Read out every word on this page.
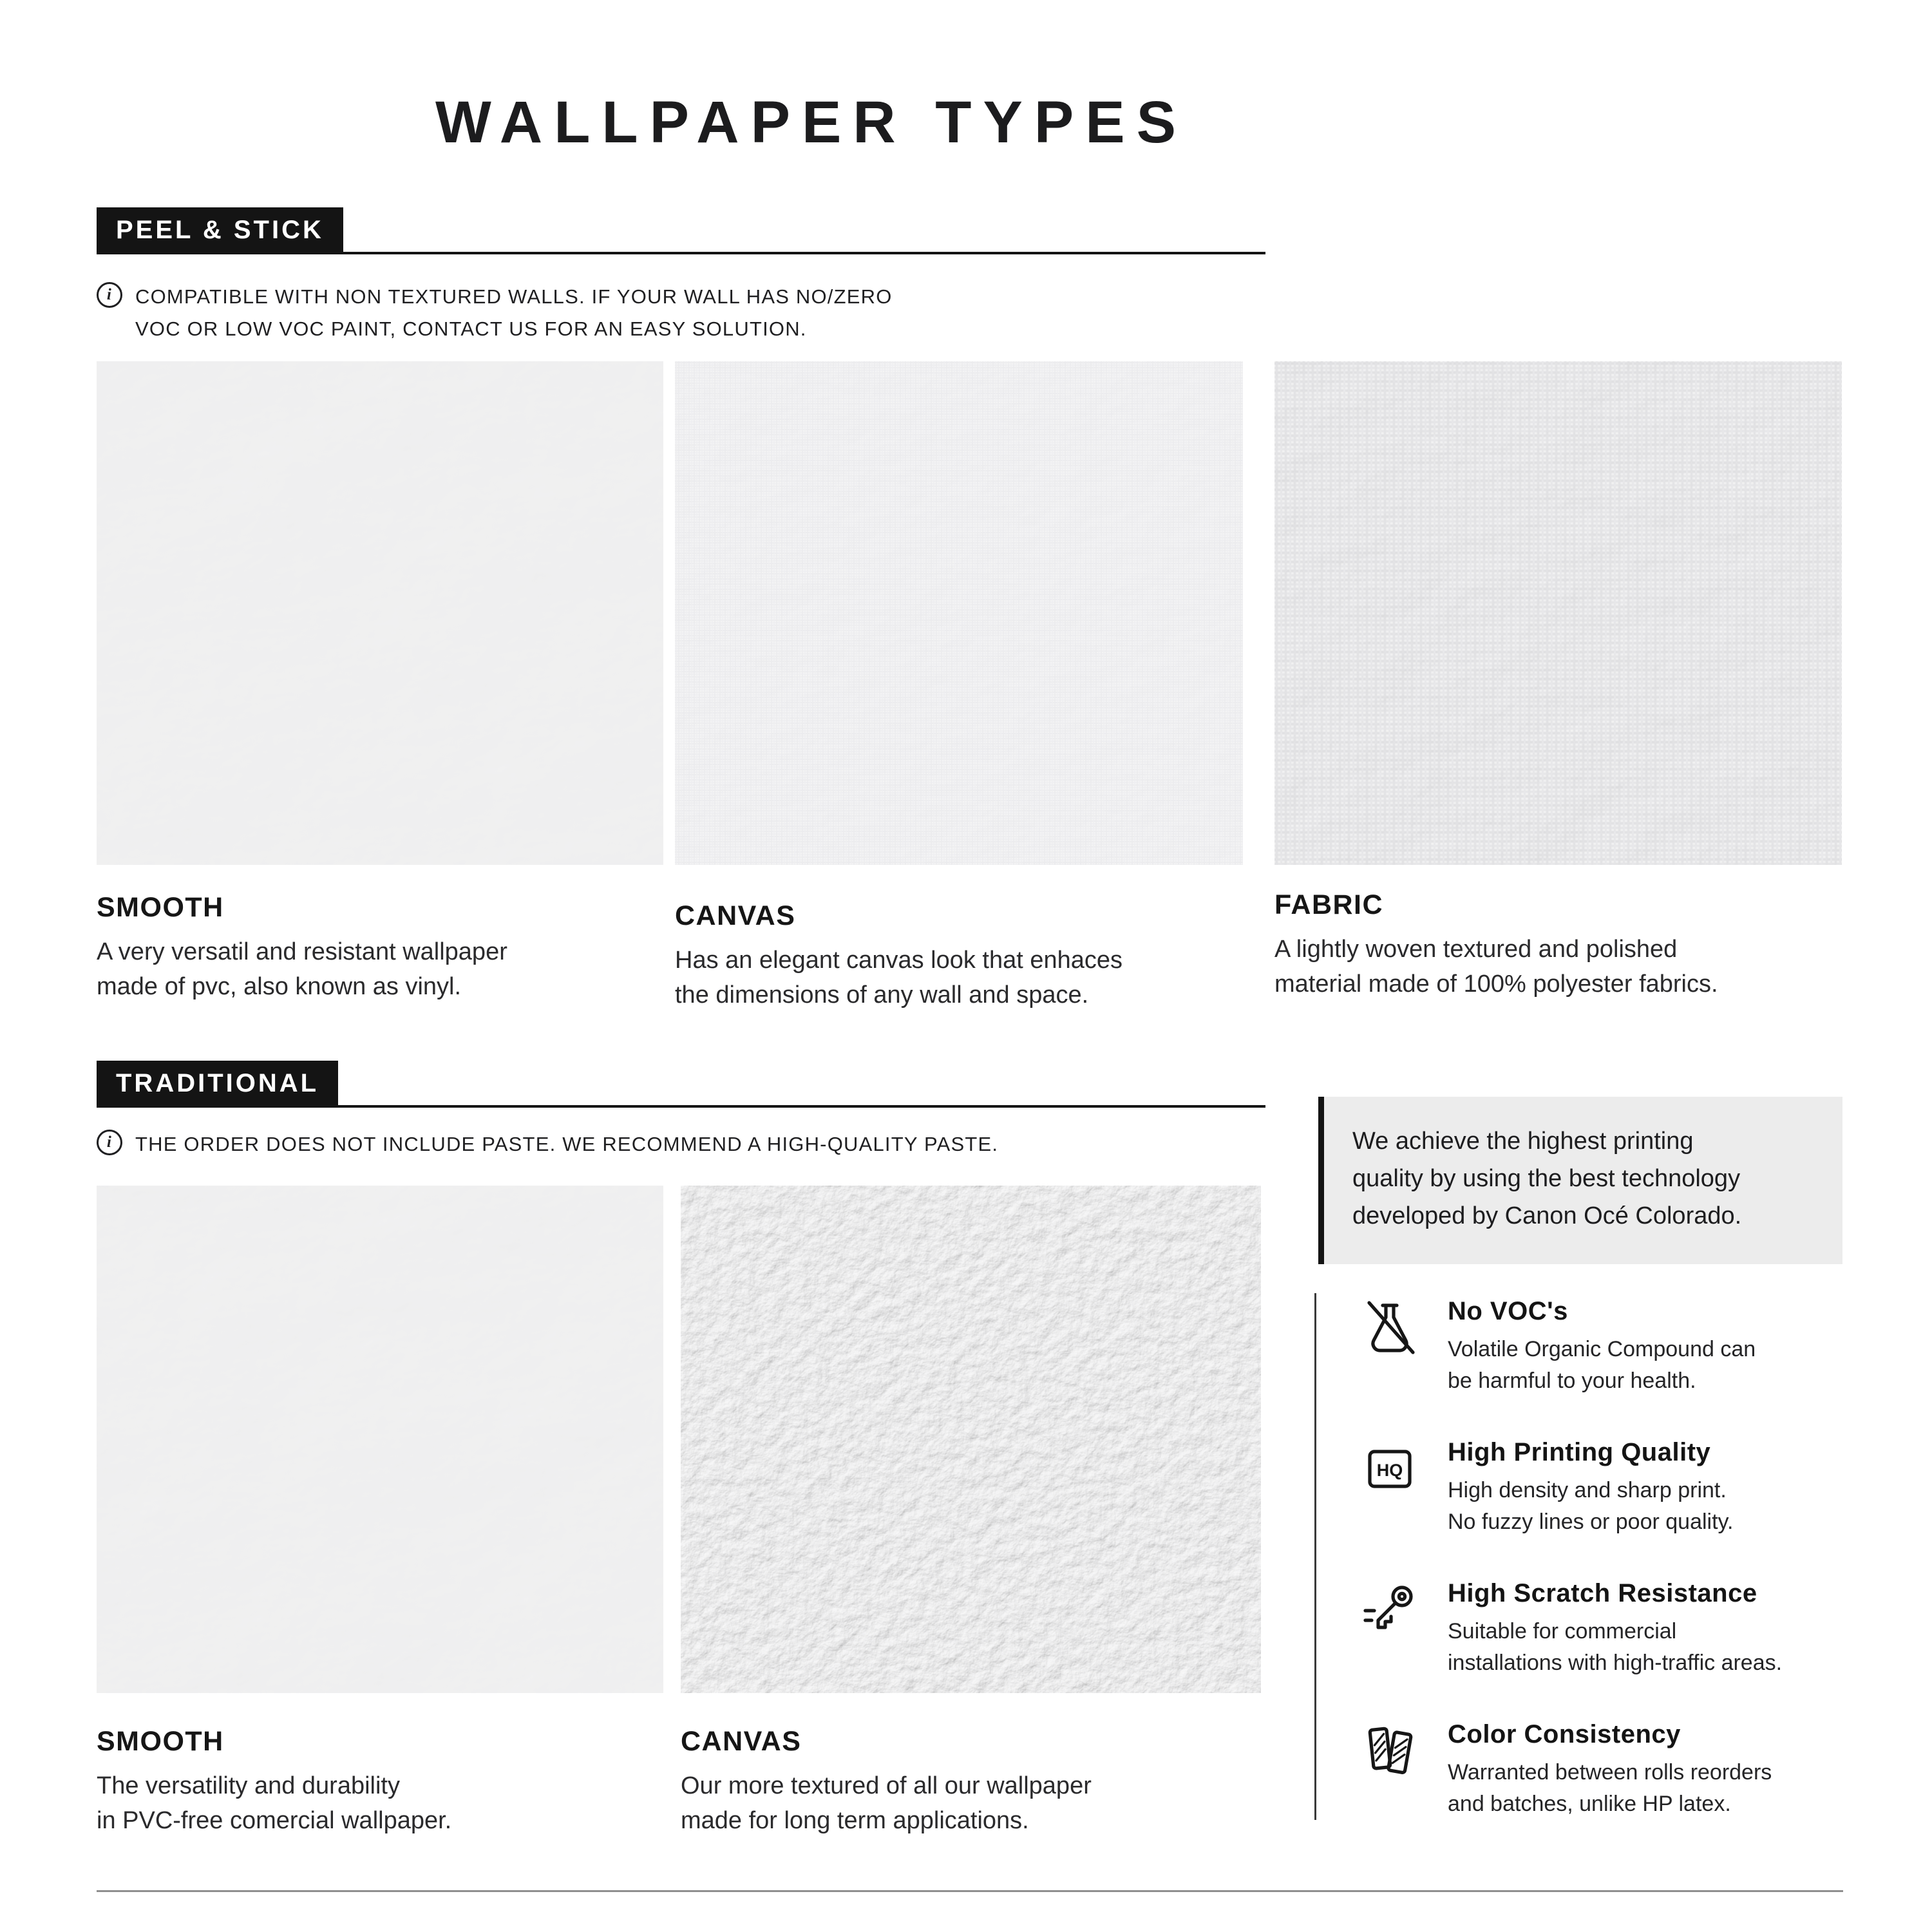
WALLPAPER TYPES
PEEL & STICK
i	COMPATIBLE WITH NON TEXTURED WALLS. IF YOUR WALL HAS NO/ZERO
VOC OR LOW VOC PAINT, CONTACT US FOR AN EASY SOLUTION.
SMOOTH
A very versatil and resistant wallpaper
made of pvc, also known as vinyl.
CANVAS
Has an elegant canvas look that enhaces
the dimensions of any wall and space.
FABRIC
A lightly woven textured and polished
material made of 100% polyester fabrics.
TRADITIONAL
i	THE ORDER DOES NOT INCLUDE PASTE. WE RECOMMEND A HIGH-QUALITY PASTE.
SMOOTH
The versatility and durability
in PVC-free comercial wallpaper.
CANVAS
Our more textured of all our wallpaper
made for long term applications.
We achieve the highest printing
quality by using the best technology
developed by Canon Océ Colorado.
No VOC's
Volatile Organic Compound can
be harmful to your health.
HQ
High Printing Quality
High density and sharp print.
No fuzzy lines or poor quality.
High Scratch Resistance
Suitable for commercial
installations with high-traffic areas.
Color Consistency
Warranted between rolls reorders
and batches, unlike HP latex.
